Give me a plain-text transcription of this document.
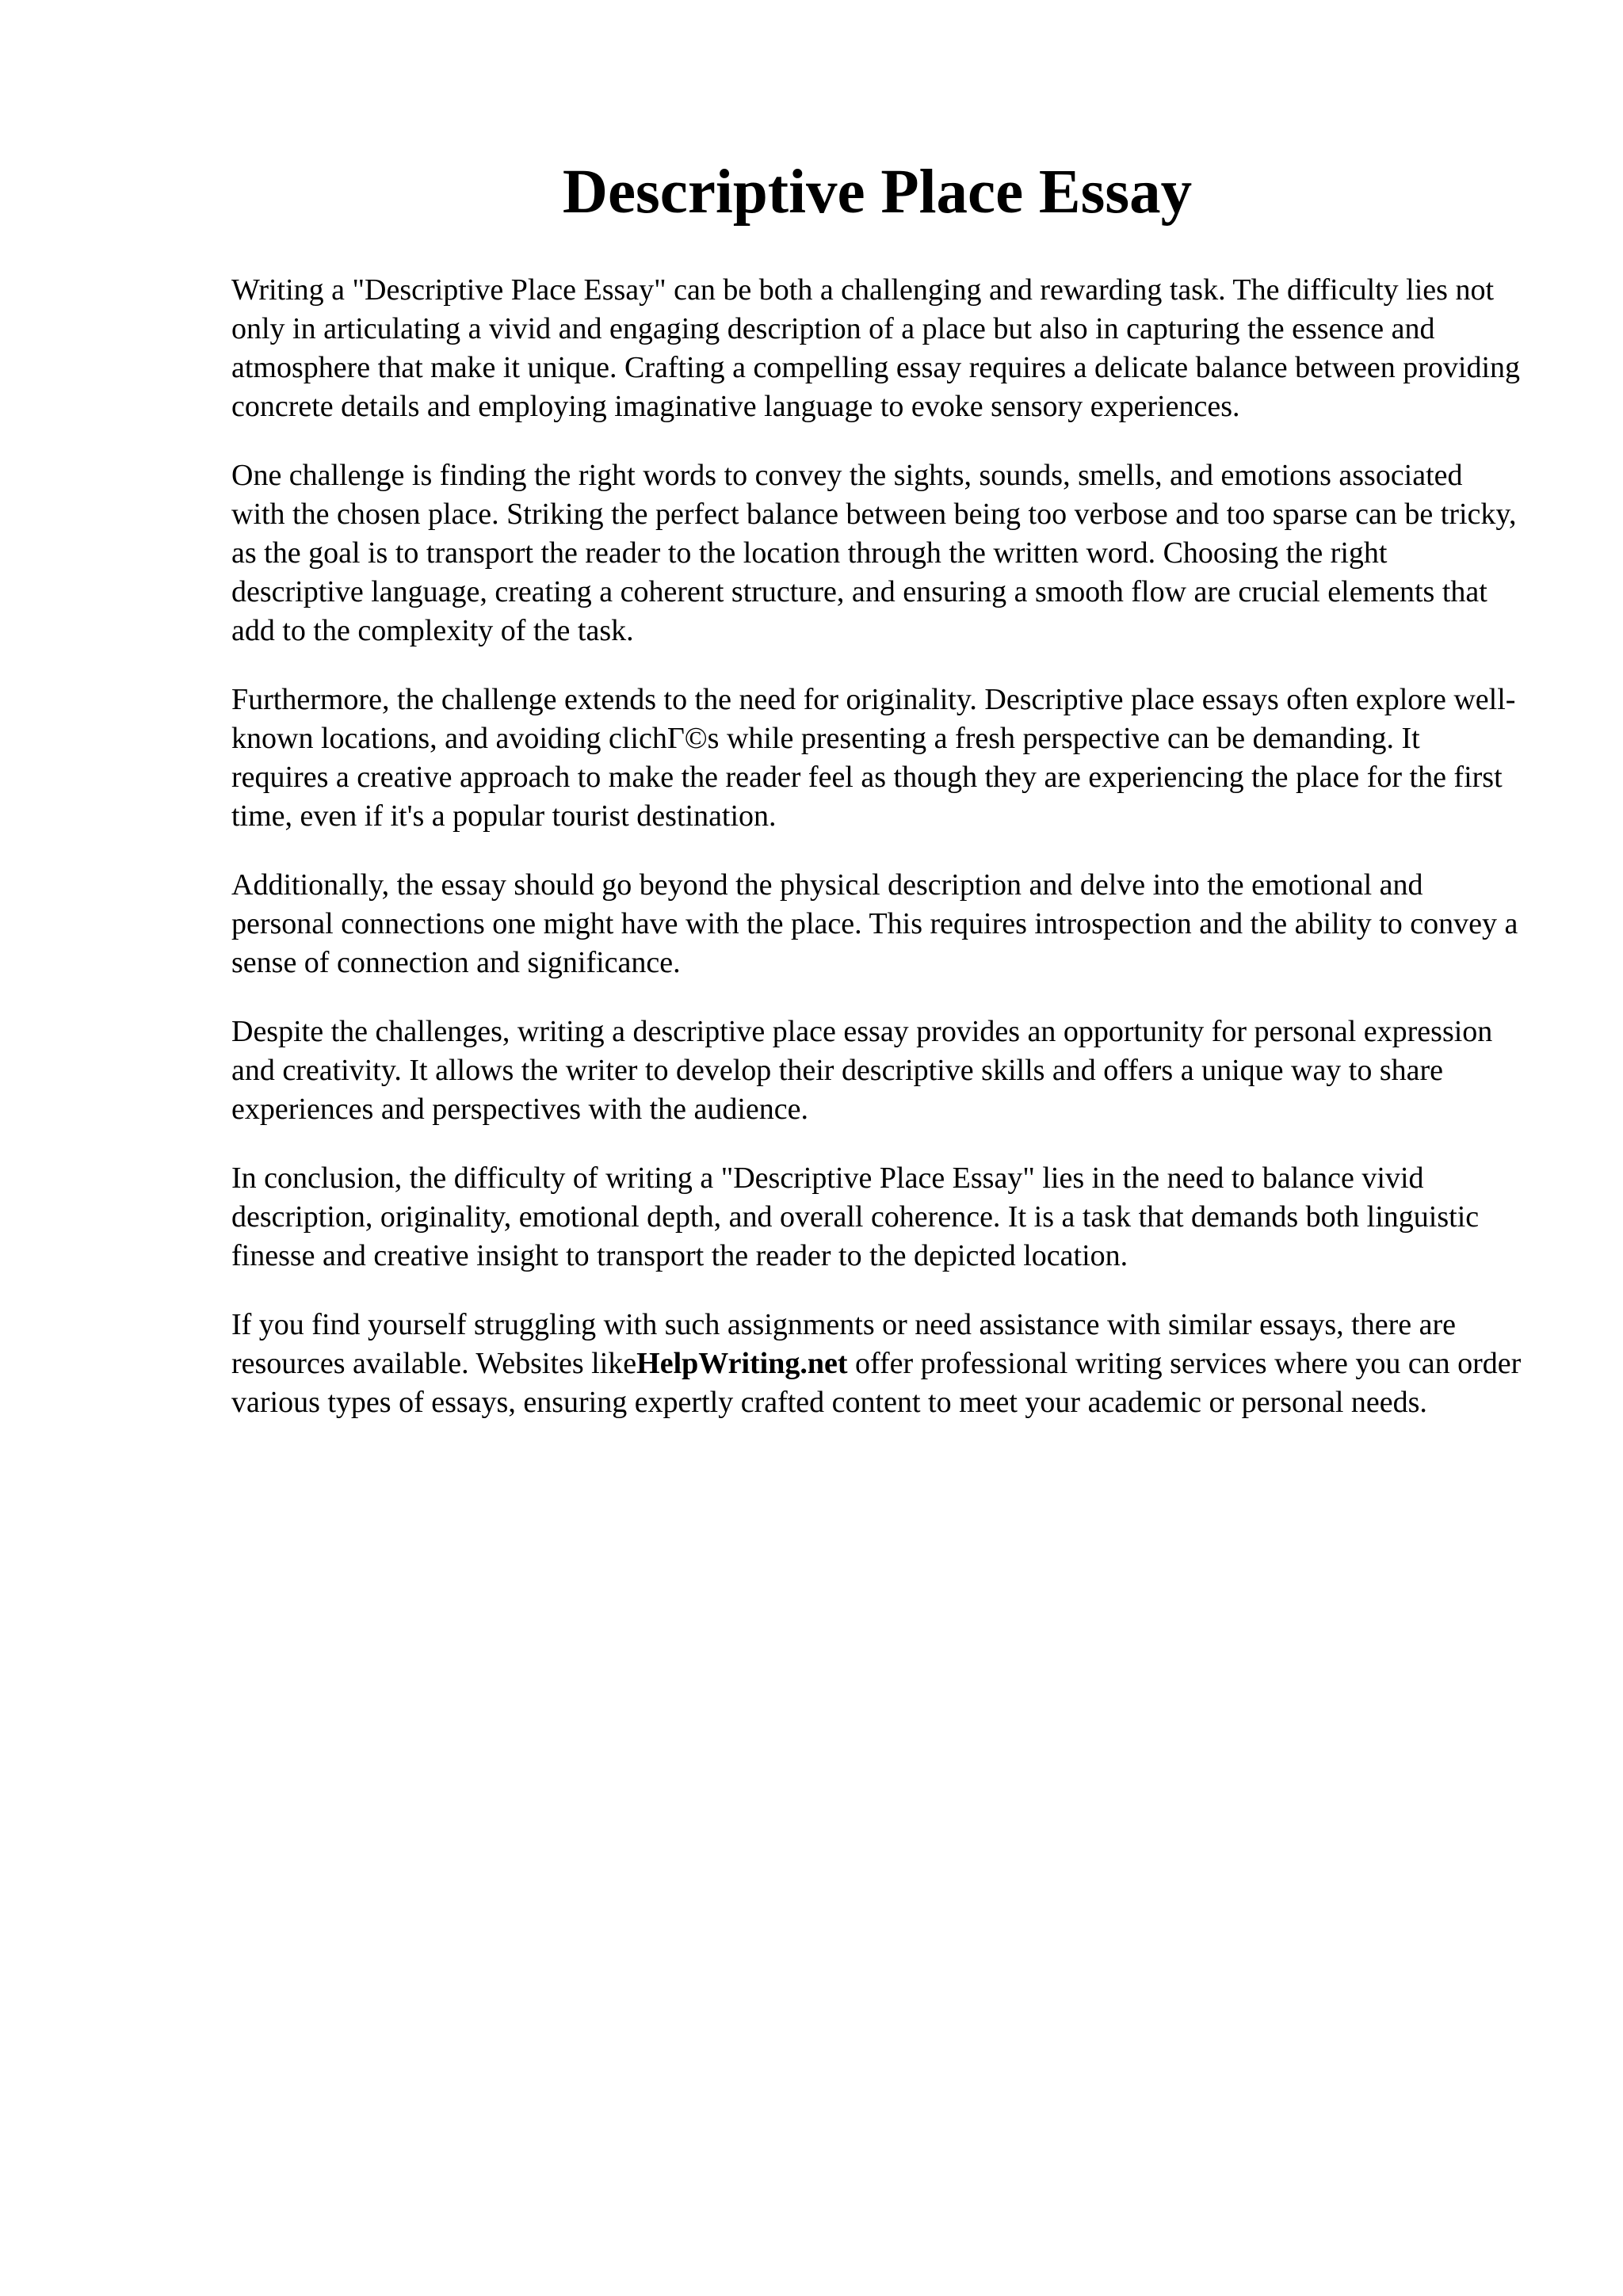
Descriptive Place Essay

Writing a "Descriptive Place Essay" can be both a challenging and rewarding task. The difficulty lies not only in articulating a vivid and engaging description of a place but also in capturing the essence and atmosphere that make it unique. Crafting a compelling essay requires a delicate balance between providing concrete details and employing imaginative language to evoke sensory experiences.

One challenge is finding the right words to convey the sights, sounds, smells, and emotions associated with the chosen place. Striking the perfect balance between being too verbose and too sparse can be tricky, as the goal is to transport the reader to the location through the written word. Choosing the right descriptive language, creating a coherent structure, and ensuring a smooth flow are crucial elements that add to the complexity of the task.

Furthermore, the challenge extends to the need for originality. Descriptive place essays often explore well-known locations, and avoiding clichГ©s while presenting a fresh perspective can be demanding. It requires a creative approach to make the reader feel as though they are experiencing the place for the first time, even if it's a popular tourist destination.

Additionally, the essay should go beyond the physical description and delve into the emotional and personal connections one might have with the place. This requires introspection and the ability to convey a sense of connection and significance.

Despite the challenges, writing a descriptive place essay provides an opportunity for personal expression and creativity. It allows the writer to develop their descriptive skills and offers a unique way to share experiences and perspectives with the audience.

In conclusion, the difficulty of writing a "Descriptive Place Essay" lies in the need to balance vivid description, originality, emotional depth, and overall coherence. It is a task that demands both linguistic finesse and creative insight to transport the reader to the depicted location.

If you find yourself struggling with such assignments or need assistance with similar essays, there are resources available. Websites likeHelpWriting.net offer professional writing services where you can order various types of essays, ensuring expertly crafted content to meet your academic or personal needs.
